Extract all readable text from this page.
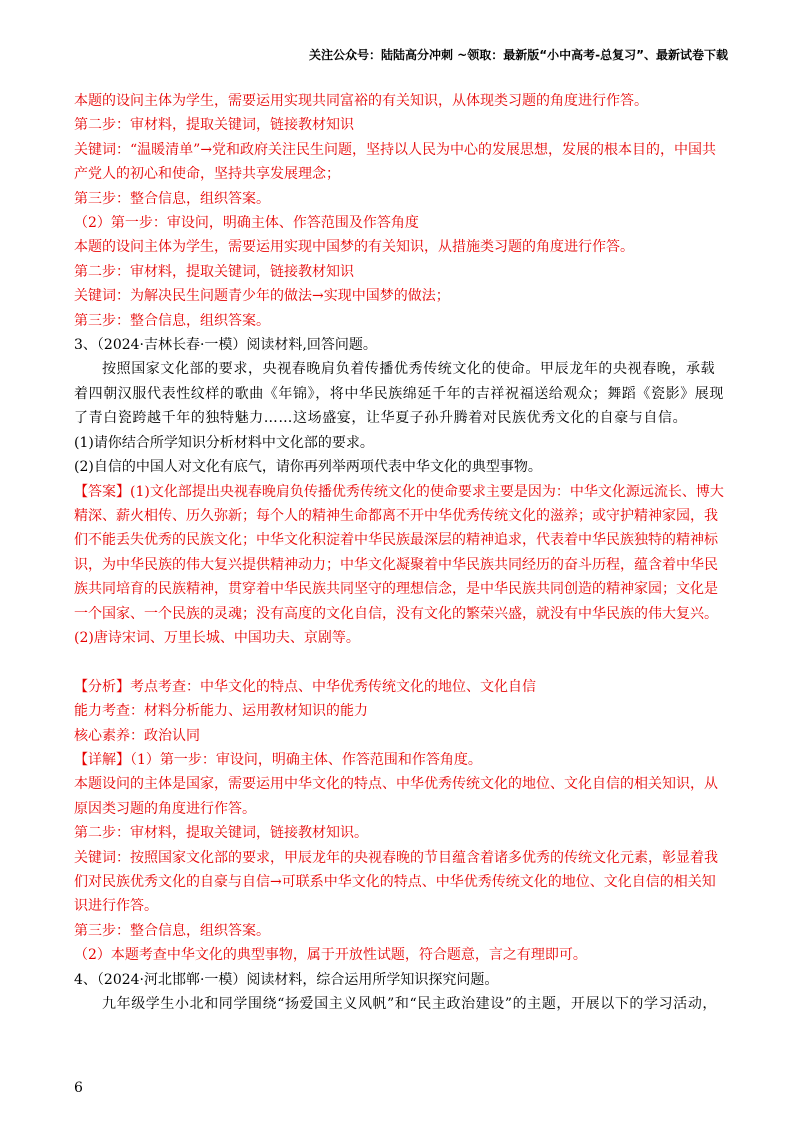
关注公众号：陆陆高分冲刺 ~领取：最新版“小中高考-总复习”、最新试卷下载

本题的设问主体为学生，需要运用实现共同富裕的有关知识，从体现类习题的角度进行作答。

第二步：审材料，提取关键词，链接教材知识

关键词：“温暖清单”→党和政府关注民生问题，坚持以人民为中心的发展思想，发展的根本目的，中国共产党人的初心和使命，坚持共享发展理念；

第三步：整合信息，组织答案。

（2）第一步：审设问，明确主体、作答范围及作答角度

本题的设问主体为学生，需要运用实现中国梦的有关知识，从措施类习题的角度进行作答。

第二步：审材料，提取关键词，链接教材知识

关键词：为解决民生问题青少年的做法→实现中国梦的做法；

第三步：整合信息，组织答案。

3、（2024·吉林长春·一模）阅读材料,回答问题。

按照国家文化部的要求，央视春晚肩负着传播优秀传统文化的使命。甲辰龙年的央视春晚，承载着四朝汉服代表性纹样的歌曲《年锦》，将中华民族绵延千年的吉祥祝福送给观众；舞蹈《瓷影》展现了青白瓷跨越千年的独特魅力……这场盛宴，让华夏子孙升腾着对民族优秀文化的自豪与自信。

(1)请你结合所学知识分析材料中文化部的要求。

(2)自信的中国人对文化有底气，请你再列举两项代表中华文化的典型事物。

【答案】(1)文化部提出央视春晚肩负传播优秀传统文化的使命要求主要是因为：中华文化源远流长、博大精深、薪火相传、历久弥新；每个人的精神生命都离不开中华优秀传统文化的滋养；或守护精神家园，我们不能丢失优秀的民族文化；中华文化积淀着中华民族最深层的精神追求，代表着中华民族独特的精神标识，为中华民族的伟大复兴提供精神动力；中华文化凝聚着中华民族共同经历的奋斗历程，蕴含着中华民族共同培育的民族精神，贯穿着中华民族共同坚守的理想信念，是中华民族共同创造的精神家园；文化是一个国家、一个民族的灵魂；没有高度的文化自信，没有文化的繁荣兴盛，就没有中华民族的伟大复兴。

(2)唐诗宋词、万里长城、中国功夫、京剧等。

【分析】考点考查：中华文化的特点、中华优秀传统文化的地位、文化自信

能力考查：材料分析能力、运用教材知识的能力

核心素养：政治认同

【详解】（1）第一步：审设问，明确主体、作答范围和作答角度。

本题设问的主体是国家，需要运用中华文化的特点、中华优秀传统文化的地位、文化自信的相关知识，从原因类习题的角度进行作答。

第二步：审材料，提取关键词，链接教材知识。

关键词：按照国家文化部的要求，甲辰龙年的央视春晚的节目蕴含着诸多优秀的传统文化元素，彰显着我们对民族优秀文化的自豪与自信→可联系中华文化的特点、中华优秀传统文化的地位、文化自信的相关知识进行作答。

第三步：整合信息，组织答案。

（2）本题考查中华文化的典型事物，属于开放性试题，符合题意，言之有理即可。

4、（2024·河北邯郸·一模）阅读材料，综合运用所学知识探究问题。

九年级学生小北和同学围绕“扬爱国主义风帆”和“民主政治建设”的主题，开展以下的学习活动，

6
